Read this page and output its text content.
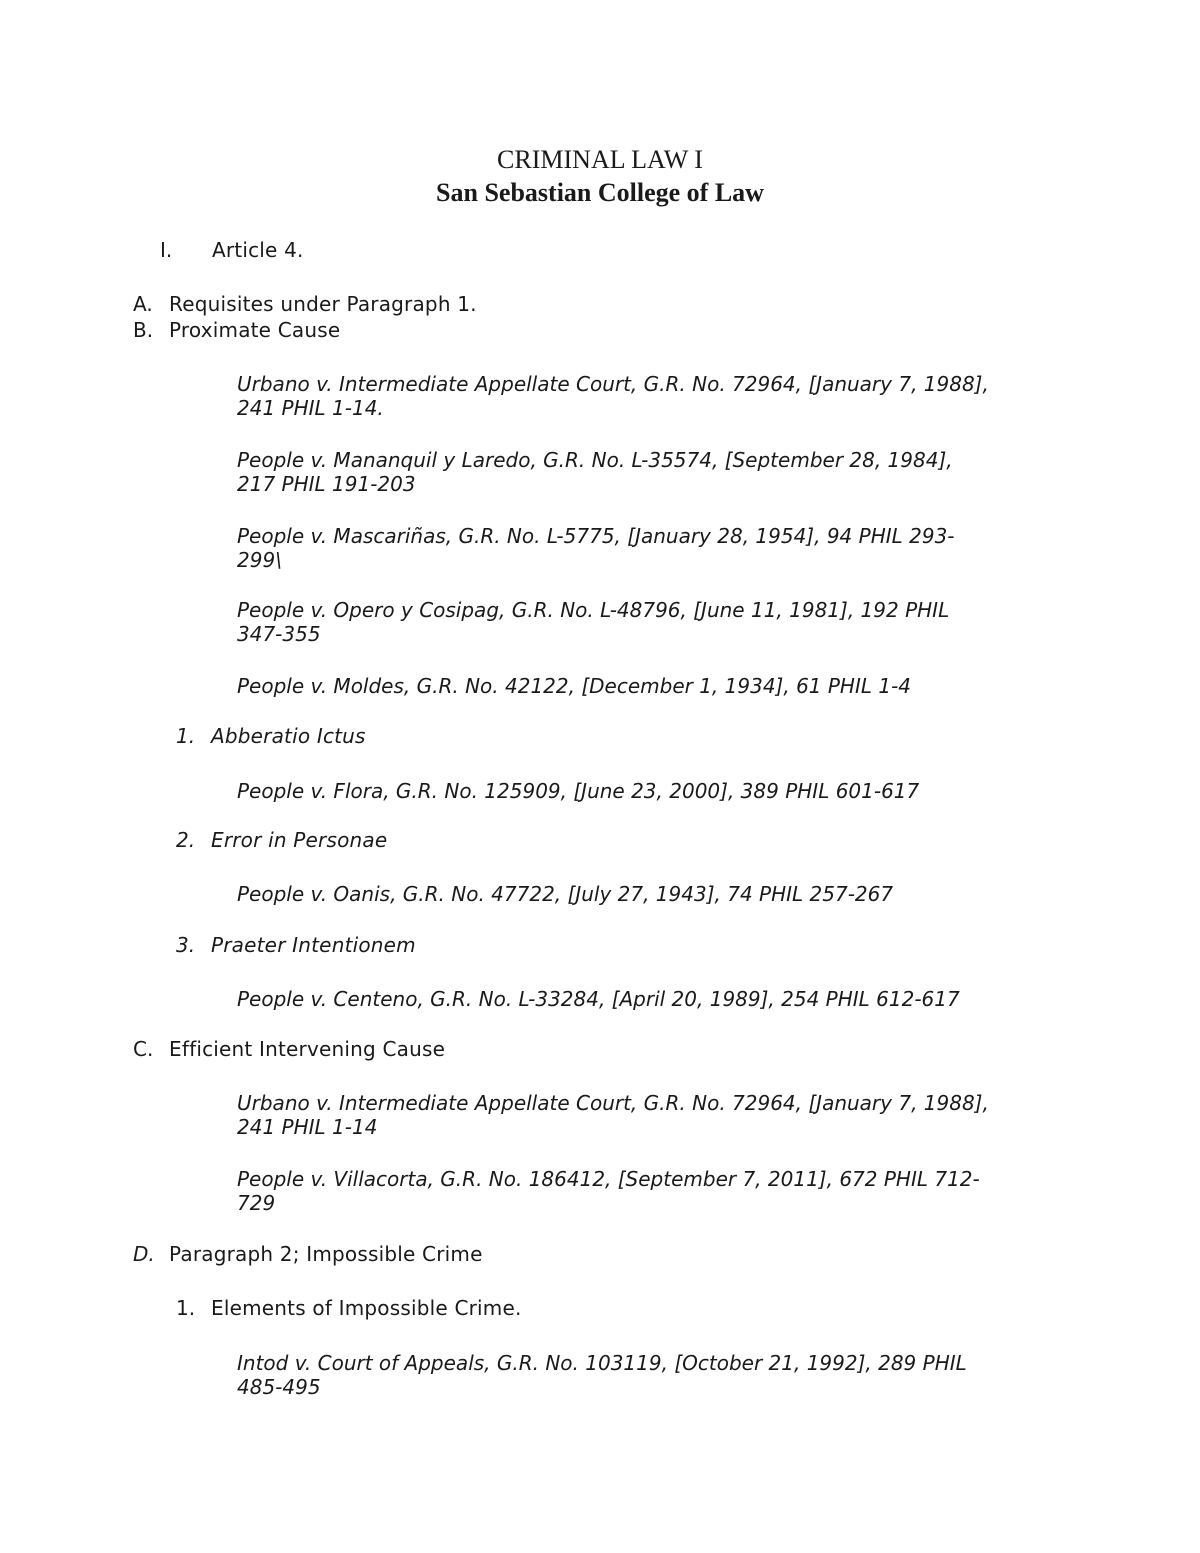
CRIMINAL LAW I
San Sebastian College of Law
I. Article 4.
A. Requisites under Paragraph 1.
B. Proximate Cause
Urbano v. Intermediate Appellate Court, G.R. No. 72964, [January 7, 1988],
241 PHIL 1-14.
People v. Mananquil y Laredo, G.R. No. L-35574, [September 28, 1984],
217 PHIL 191-203
People v. Mascariñas, G.R. No. L-5775, [January 28, 1954], 94 PHIL 293-
299\
People v. Opero y Cosipag, G.R. No. L-48796, [June 11, 1981], 192 PHIL
347-355
People v. Moldes, G.R. No. 42122, [December 1, 1934], 61 PHIL 1-4
1. Abberatio Ictus
People v. Flora, G.R. No. 125909, [June 23, 2000], 389 PHIL 601-617
2. Error in Personae
People v. Oanis, G.R. No. 47722, [July 27, 1943], 74 PHIL 257-267
3. Praeter Intentionem
People v. Centeno, G.R. No. L-33284, [April 20, 1989], 254 PHIL 612-617
C. Efficient Intervening Cause
Urbano v. Intermediate Appellate Court, G.R. No. 72964, [January 7, 1988],
241 PHIL 1-14
People v. Villacorta, G.R. No. 186412, [September 7, 2011], 672 PHIL 712-
729
D. Paragraph 2; Impossible Crime
1. Elements of Impossible Crime.
Intod v. Court of Appeals, G.R. No. 103119, [October 21, 1992], 289 PHIL
485-495
